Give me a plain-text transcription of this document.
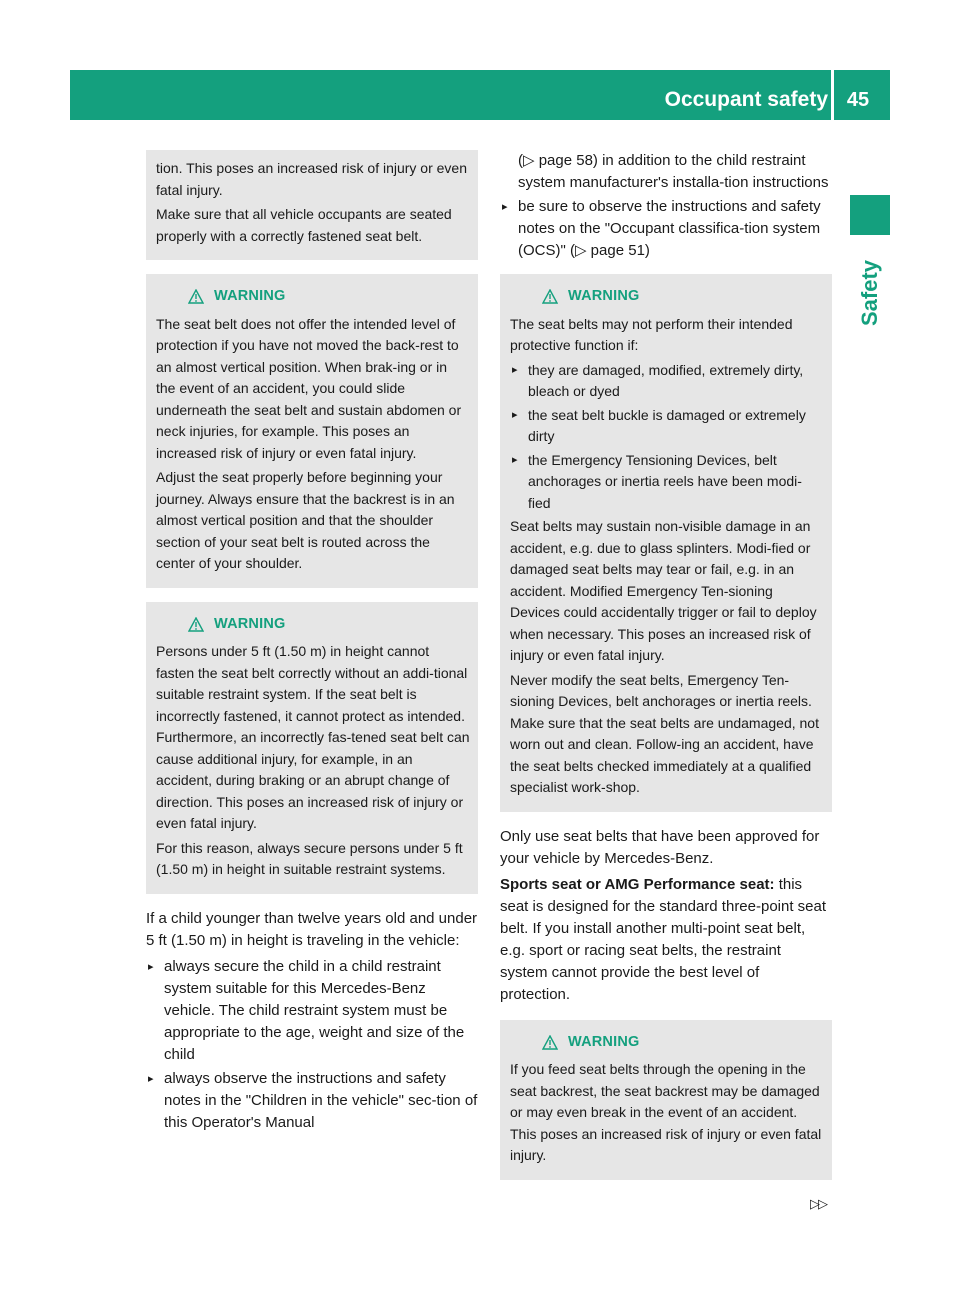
Occupant safety 45
Safety

tion. This poses an increased risk of injury or even fatal injury.

Make sure that all vehicle occupants are seated properly with a correctly fastened seat belt.

WARNING

The seat belt does not offer the intended level of protection if you have not moved the back-rest to an almost vertical position. When brak-ing or in the event of an accident, you could slide underneath the seat belt and sustain abdomen or neck injuries, for example. This poses an increased risk of injury or even fatal injury.

Adjust the seat properly before beginning your journey. Always ensure that the backrest is in an almost vertical position and that the shoulder section of your seat belt is routed across the center of your shoulder.

WARNING

Persons under 5 ft (1.50 m) in height cannot fasten the seat belt correctly without an addi-tional suitable restraint system. If the seat belt is incorrectly fastened, it cannot protect as intended. Furthermore, an incorrectly fas-tened seat belt can cause additional injury, for example, in an accident, during braking or an abrupt change of direction. This poses an increased risk of injury or even fatal injury.

For this reason, always secure persons under 5 ft (1.50 m) in height in suitable restraint systems.

If a child younger than twelve years old and under 5 ft (1.50 m) in height is traveling in the vehicle:

▸ always secure the child in a child restraint system suitable for this Mercedes-Benz vehicle. The child restraint system must be appropriate to the age, weight and size of the child
▸ always observe the instructions and safety notes in the "Children in the vehicle" sec-tion of this Operator's Manual
(▷ page 58) in addition to the child restraint system manufacturer's installa-tion instructions
▸ be sure to observe the instructions and safety notes on the "Occupant classifica-tion system (OCS)" (▷ page 51)
WARNING

The seat belts may not perform their intended protective function if:

▸ they are damaged, modified, extremely dirty, bleach or dyed
▸ the seat belt buckle is damaged or extremely dirty
▸ the Emergency Tensioning Devices, belt anchorages or inertia reels have been modi-fied

Seat belts may sustain non-visible damage in an accident, e.g. due to glass splinters. Modi-fied or damaged seat belts may tear or fail, e.g. in an accident. Modified Emergency Ten-sioning Devices could accidentally trigger or fail to deploy when necessary. This poses an increased risk of injury or even fatal injury.

Never modify the seat belts, Emergency Ten-sioning Devices, belt anchorages or inertia reels. Make sure that the seat belts are undamaged, not worn out and clean. Follow-ing an accident, have the seat belts checked immediately at a qualified specialist work-shop.

Only use seat belts that have been approved for your vehicle by Mercedes-Benz.

Sports seat or AMG Performance seat: this seat is designed for the standard three-point seat belt. If you install another multi-point seat belt, e.g. sport or racing seat belts, the restraint system cannot provide the best level of protection.

WARNING

If you feed seat belts through the opening in the seat backrest, the seat backrest may be damaged or may even break in the event of an accident. This poses an increased risk of injury or even fatal injury.

▷▷
